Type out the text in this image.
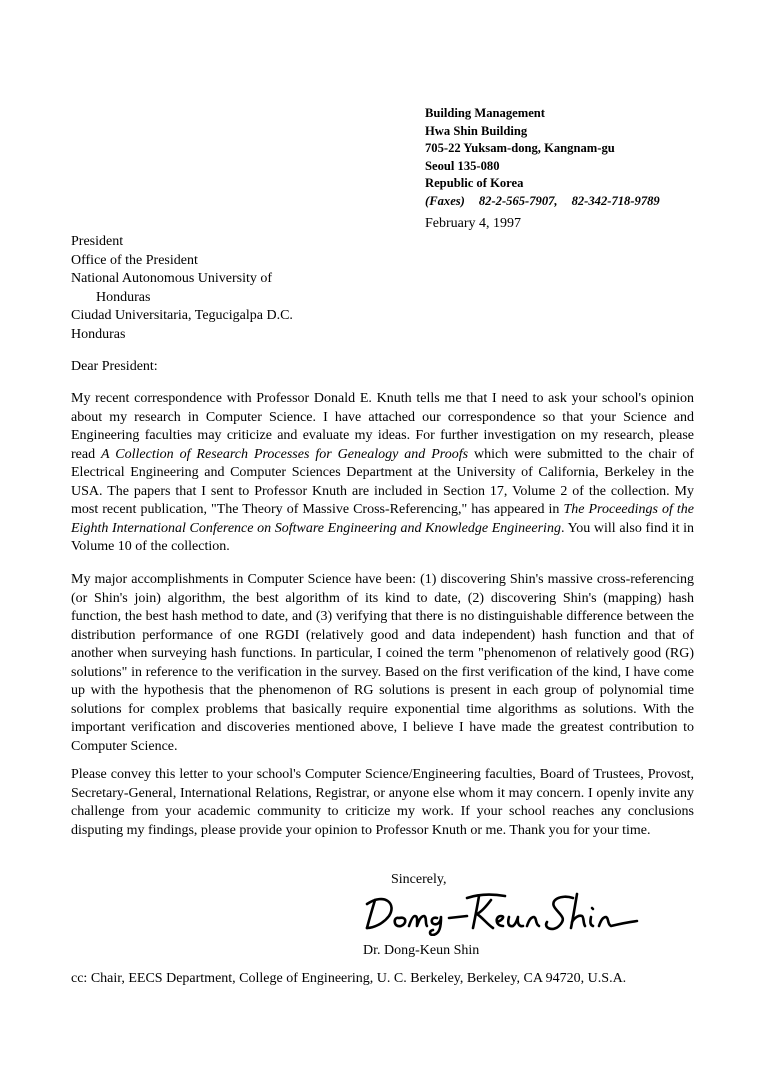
Building Management
Hwa Shin Building
705-22 Yuksam-dong, Kangnam-gu
Seoul 135-080
Republic of Korea
(Faxes) 82-2-565-7907, 82-342-718-9789
February 4, 1997
President
Office of the President
National Autonomous University of
Honduras
Ciudad Universitaria, Tegucigalpa D.C.
Honduras
Dear President:
My recent correspondence with Professor Donald E. Knuth tells me that I need to ask your school's opinion about my research in Computer Science. I have attached our correspondence so that your Science and Engineering faculties may criticize and evaluate my ideas. For further investigation on my research, please read A Collection of Research Processes for Genealogy and Proofs which were submitted to the chair of Electrical Engineering and Computer Sciences Department at the University of California, Berkeley in the USA. The papers that I sent to Professor Knuth are included in Section 17, Volume 2 of the collection. My most recent publication, "The Theory of Massive Cross-Referencing," has appeared in The Proceedings of the Eighth International Conference on Software Engineering and Knowledge Engineering. You will also find it in Volume 10 of the collection.
My major accomplishments in Computer Science have been: (1) discovering Shin's massive cross-referencing (or Shin's join) algorithm, the best algorithm of its kind to date, (2) discovering Shin's (mapping) hash function, the best hash method to date, and (3) verifying that there is no distinguishable difference between the distribution performance of one RGDI (relatively good and data independent) hash function and that of another when surveying hash functions. In particular, I coined the term "phenomenon of relatively good (RG) solutions" in reference to the verification in the survey. Based on the first verification of the kind, I have come up with the hypothesis that the phenomenon of RG solutions is present in each group of polynomial time solutions for complex problems that basically require exponential time algorithms as solutions. With the important verification and discoveries mentioned above, I believe I have made the greatest contribution to Computer Science.
Please convey this letter to your school's Computer Science/Engineering faculties, Board of Trustees, Provost, Secretary-General, International Relations, Registrar, or anyone else whom it may concern. I openly invite any challenge from your academic community to criticize my work. If your school reaches any conclusions disputing my findings, please provide your opinion to Professor Knuth or me. Thank you for your time.
Sincerely,
Dr. Dong-Keun Shin
cc: Chair, EECS Department, College of Engineering, U. C. Berkeley, Berkeley, CA 94720, U.S.A.
